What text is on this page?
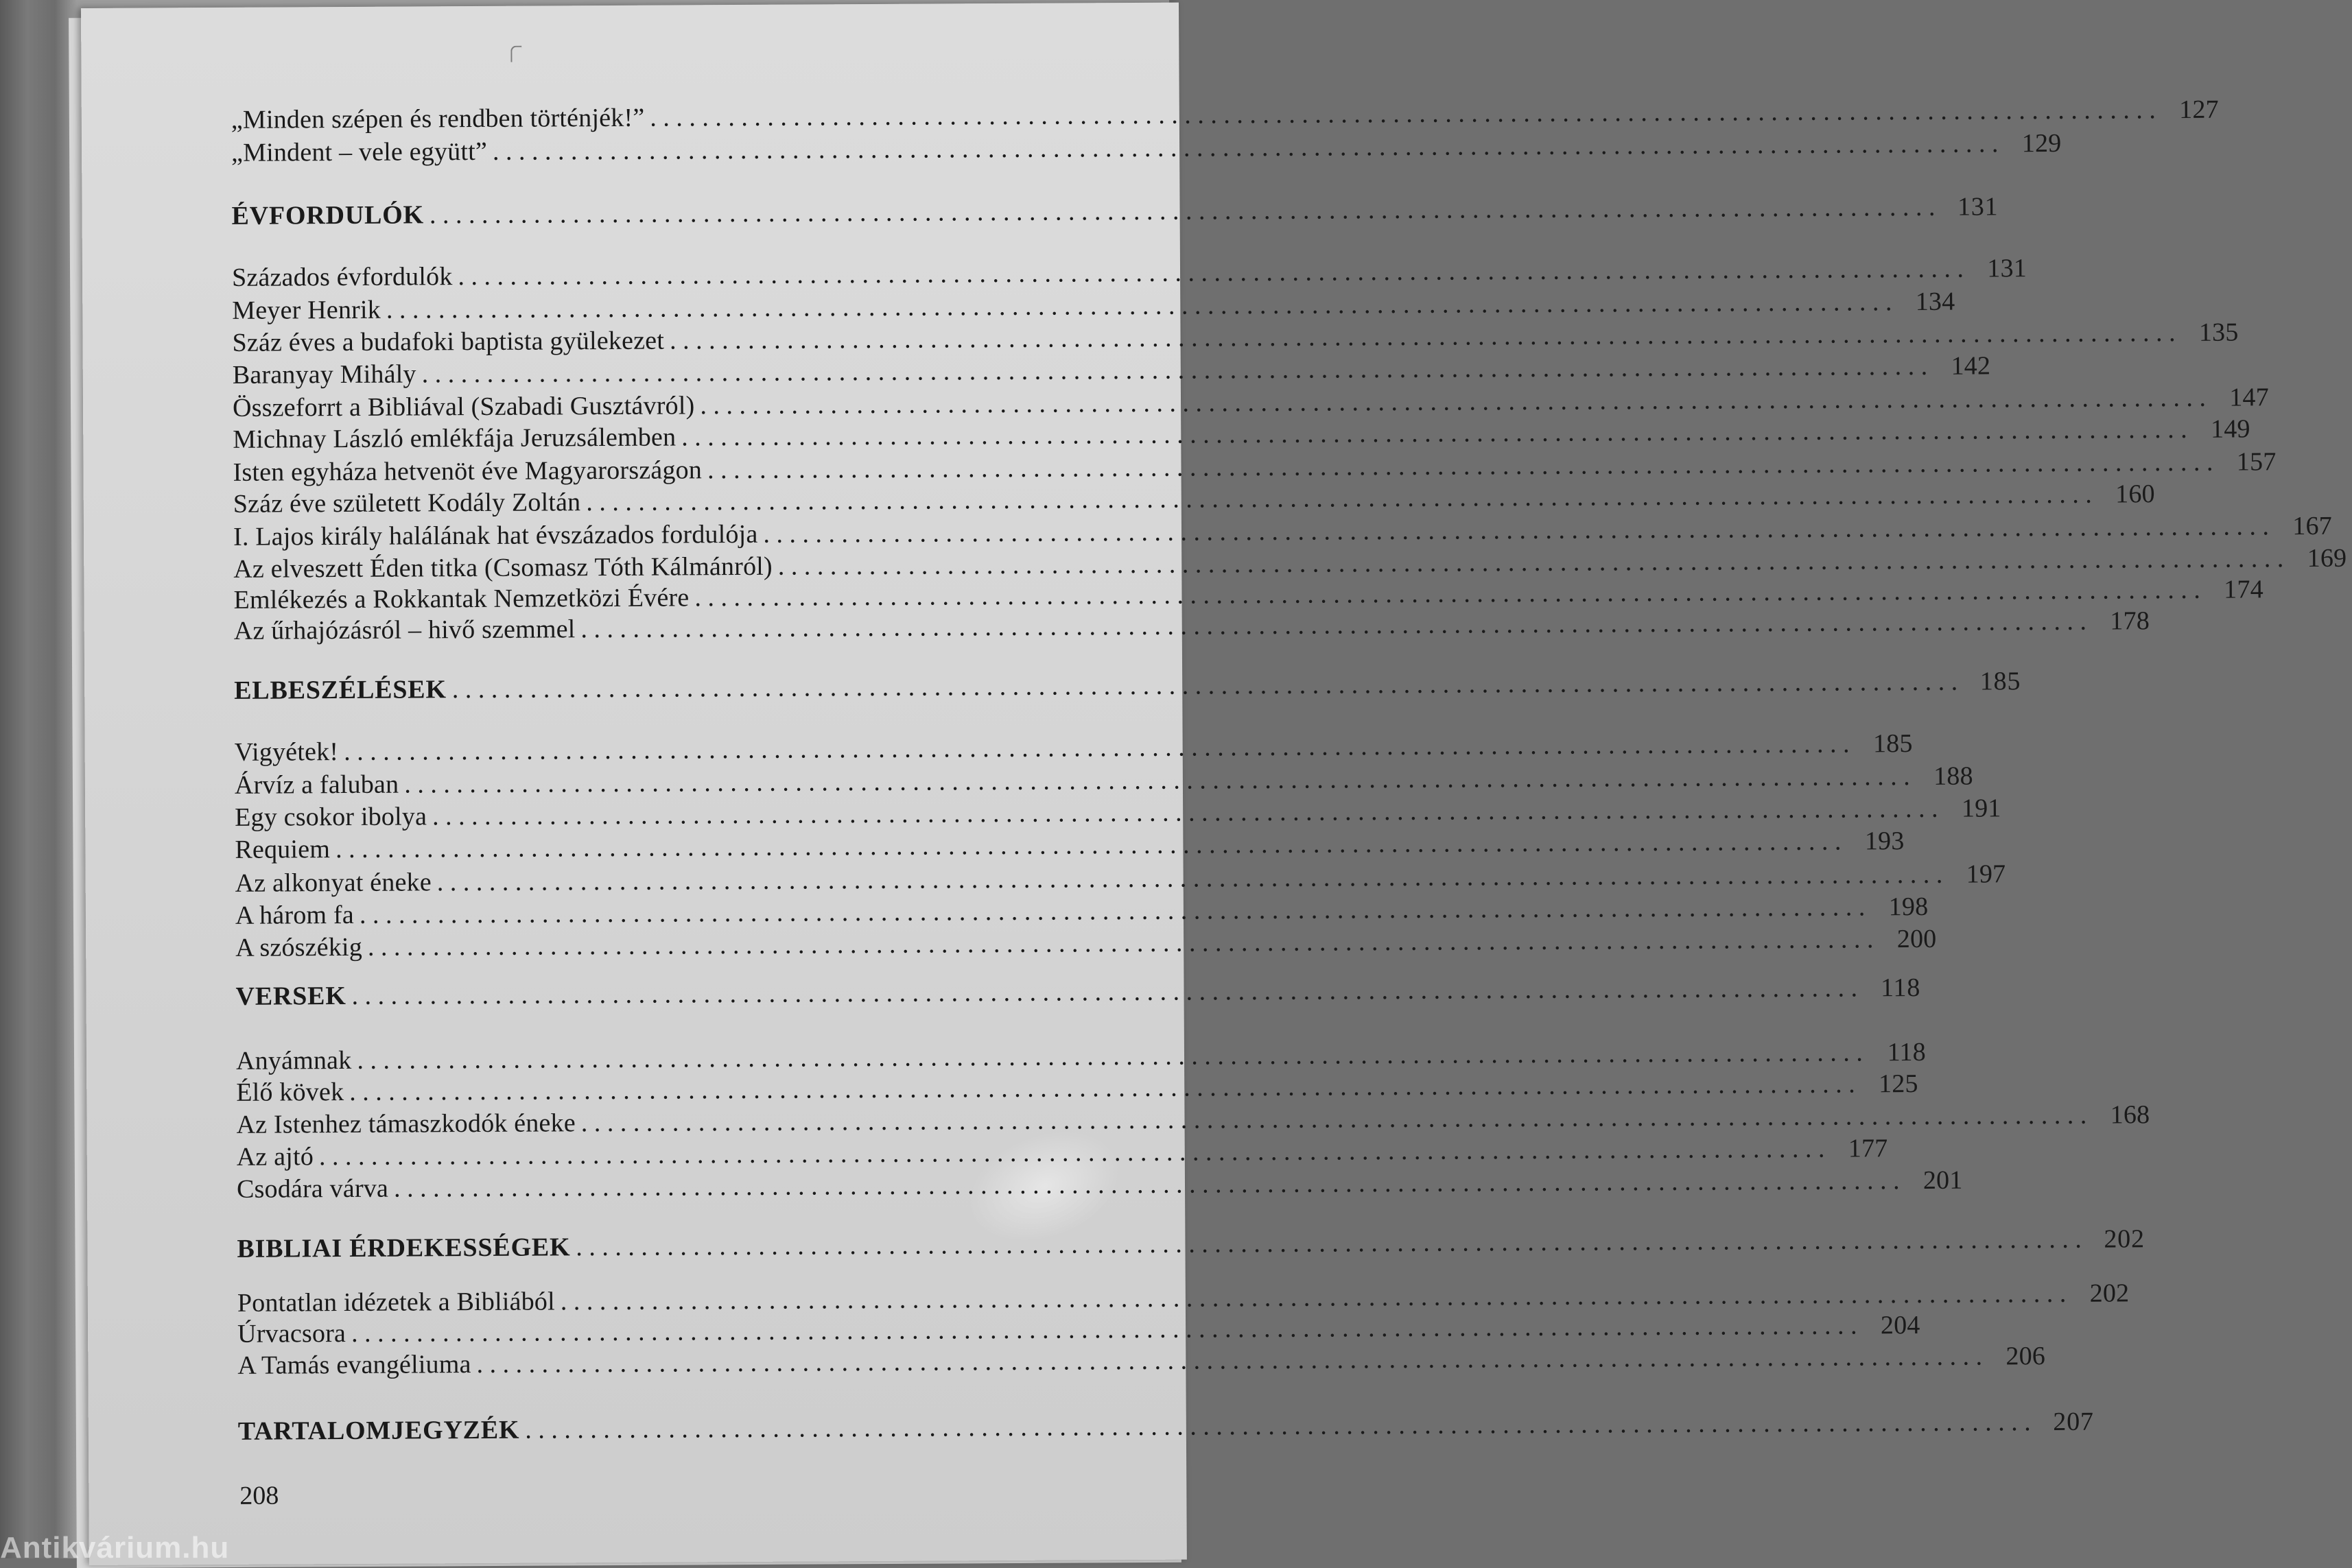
„Minden szépen és rendben történjék!” . . .	127
„Mindent – vele együtt” . . .	129
ÉVFORDULÓK . . .	131
Százados évfordulók . . .	131
Meyer Henrik . . .	134
Száz éves a budafoki baptista gyülekezet . . .	135
Baranyay Mihály . . .	142
Összeforrt a Bibliával (Szabadi Gusztávról) . . .	147
Michnay László emlékfája Jeruzsálemben . . .	149
Isten egyháza hetvenöt éve Magyarországon . . .	157
Száz éve született Kodály Zoltán . . .	160
I. Lajos király halálának hat évszázados fordulója . . .	167
Az elveszett Éden titka (Csomasz Tóth Kálmánról) . . .	169
Emlékezés a Rokkantak Nemzetközi Évére . . .	174
Az űrhajózásról – hivő szemmel . . .	178
ELBESZÉLÉSEK . . .	185
Vigyétek! . . .	185
Árvíz a faluban . . .	188
Egy csokor ibolya . . .	191
Requiem . . .	193
Az alkonyat éneke . . .	197
A három fa . . .	198
A szószékig . . .	200
VERSEK . . .	118
Anyámnak . . .	118
Élő kövek . . .	125
Az Istenhez támaszkodók éneke . . .	168
Az ajtó . . .	177
Csodára várva . . .	201
BIBLIAI ÉRDEKESSÉGEK . . .	202
Pontatlan idézetek a Bibliából . . .	202
Úrvacsora . . .	204
A Tamás evangéliuma . . .	206
TARTALOMJEGYZÉK . . .	207
208
Antikvárium.hu
